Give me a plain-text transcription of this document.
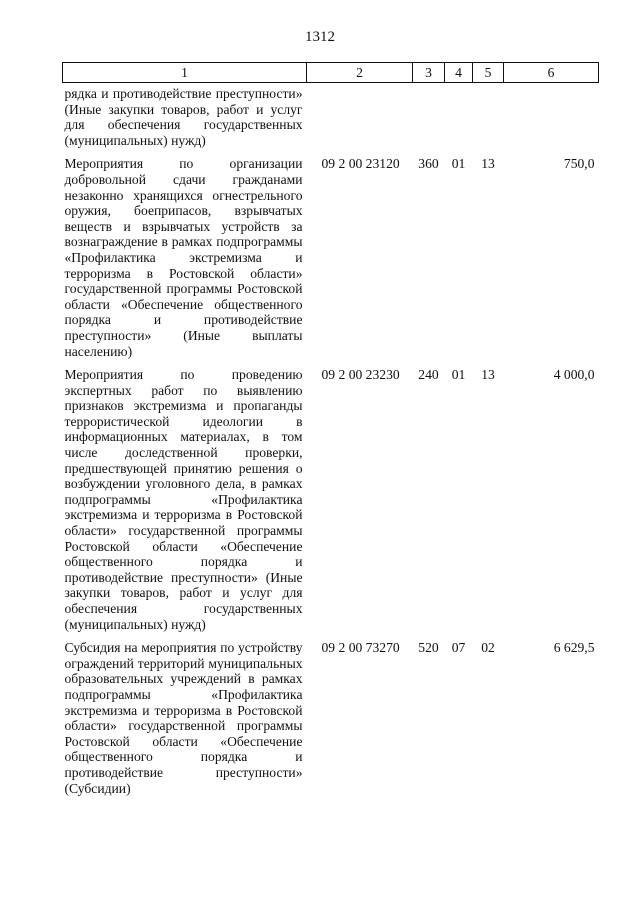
1312
1	2	3	4	5	6
рядка и противодействие преступности» (Иные закупки товаров, работ и услуг для обеспечения государственных (муниципальных) нужд)					
Мероприятия по организации добровольной сдачи гражданами незаконно хранящихся огнестрельного оружия, боеприпасов, взрывчатых веществ и взрывчатых устройств за вознаграждение в рамках подпрограммы «Профилактика экстремизма и терроризма в Ростовской области» государственной программы Ростовской области «Обеспечение общественного порядка и противодействие преступности» (Иные выплаты населению)	09 2 00 23120	360	01	13	750,0
Мероприятия по проведению экспертных работ по выявлению признаков экстремизма и пропаганды террористической идеологии в информационных материалах, в том числе доследственной проверки, предшествующей принятию решения о возбуждении уголовного дела, в рамках подпрограммы «Профилактика экстремизма и терроризма в Ростовской области» государственной программы Ростовской области «Обеспечение общественного порядка и противодействие преступности» (Иные закупки товаров, работ и услуг для обеспечения государственных (муниципальных) нужд)	09 2 00 23230	240	01	13	4 000,0
Субсидия на мероприятия по устройству ограждений территорий муниципальных образовательных учреждений в рамках подпрограммы «Профилактика экстремизма и терроризма в Ростовской области» государственной программы Ростовской области «Обеспечение общественного порядка и противодействие преступности» (Субсидии)	09 2 00 73270	520	07	02	6 629,5
